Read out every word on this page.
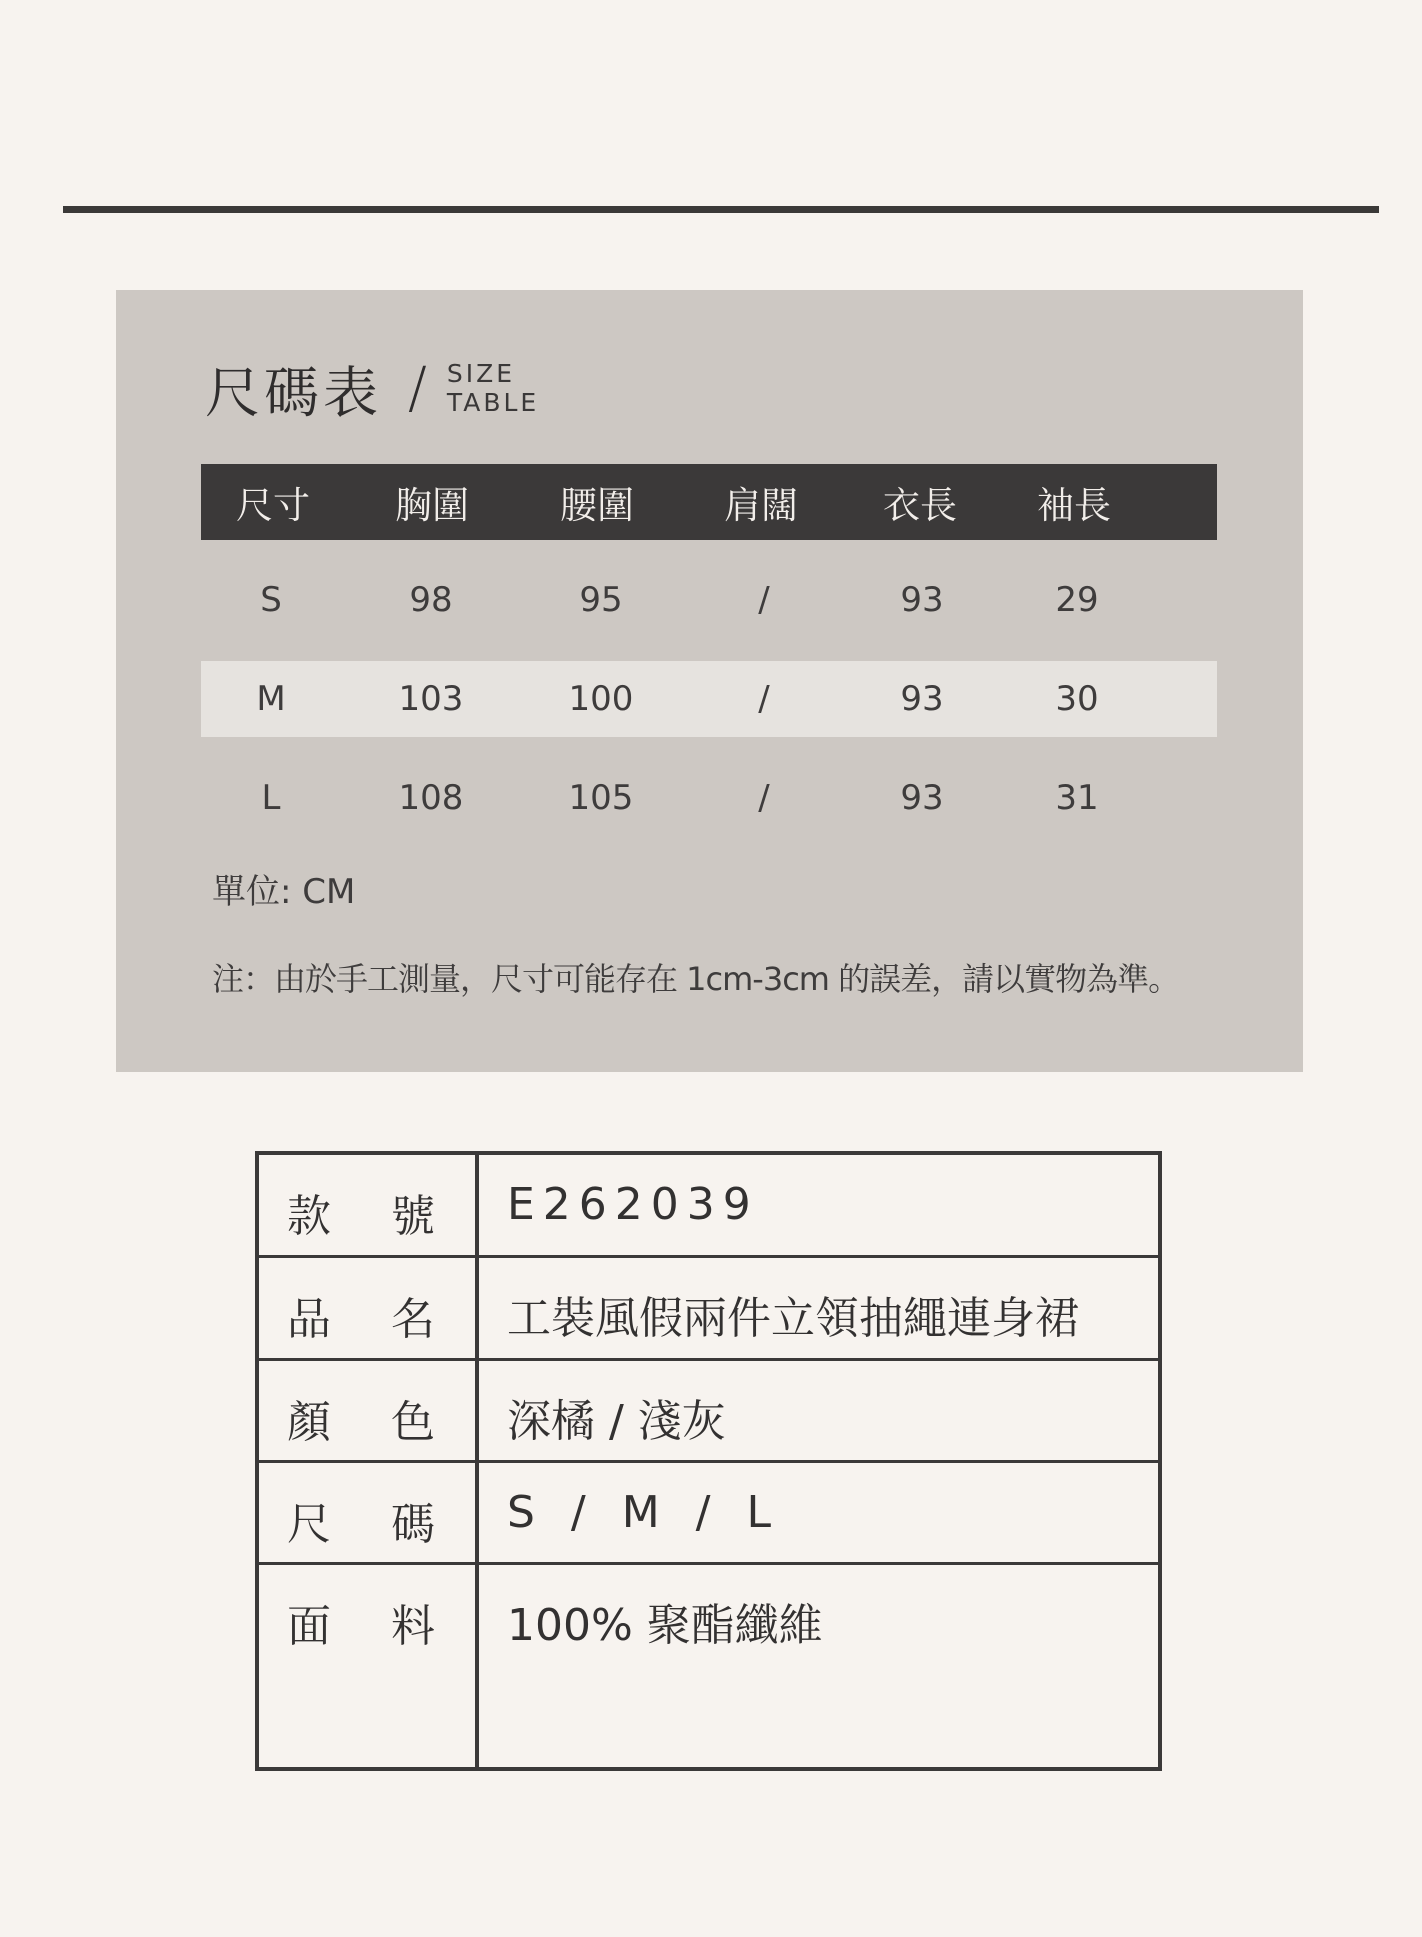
尺碼表 / SIZE
TABLE
尺寸	胸圍	腰圍	肩闊	衣長	袖長
S	98	95	/	93	29
M	103	100	/	93	30
L	108	105	/	93	31
單位: CM
注：由於手工測量，尺寸可能存在 1cm-3cm 的誤差，請以實物為準。
款 號 E262039
品 名 工裝風假兩件立領抽繩連身裙
顏 色 深橘 / 淺灰
尺 碼 S / M / L
面 料 100% 聚酯纖維
